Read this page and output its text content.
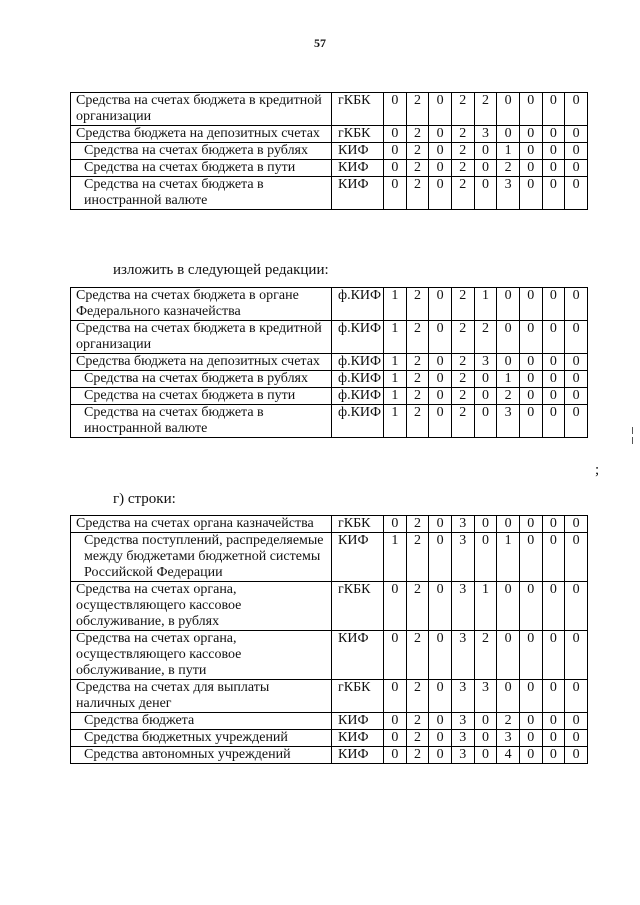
57
Средства на счетах бюджета в кредитной организации	гКБК	0	2	0	2	2	0	0	0	0
Средства бюджета на депозитных счетах	гКБК	0	2	0	2	3	0	0	0	0
Средства на счетах бюджета в рублях	КИФ	0	2	0	2	0	1	0	0	0
Средства на счетах бюджета в пути	КИФ	0	2	0	2	0	2	0	0	0
Средства на счетах бюджета в иностранной валюте	КИФ	0	2	0	2	0	3	0	0	0
изложить в следующей редакции:
Средства на счетах бюджета в органе Федерального казначейства	ф.КИФ	1	2	0	2	1	0	0	0	0
Средства на счетах бюджета в кредитной организации	ф.КИФ	1	2	0	2	2	0	0	0	0
Средства бюджета на депозитных счетах	ф.КИФ	1	2	0	2	3	0	0	0	0
Средства на счетах бюджета в рублях	ф.КИФ	1	2	0	2	0	1	0	0	0
Средства на счетах бюджета в пути	ф.КИФ	1	2	0	2	0	2	0	0	0
Средства на счетах бюджета в иностранной валюте	ф.КИФ	1	2	0	2	0	3	0	0	0
;
г) строки:
Средства на счетах органа казначейства	гКБК	0	2	0	3	0	0	0	0	0
Средства поступлений, распределяемые между бюджетами бюджетной системы Российской Федерации	КИФ	1	2	0	3	0	1	0	0	0
Средства на счетах органа, осуществляющего кассовое обслуживание, в рублях	гКБК	0	2	0	3	1	0	0	0	0
Средства на счетах органа, осуществляющего кассовое обслуживание, в пути	КИФ	0	2	0	3	2	0	0	0	0
Средства на счетах для выплаты наличных денег	гКБК	0	2	0	3	3	0	0	0	0
Средства бюджета	КИФ	0	2	0	3	0	2	0	0	0
Средства бюджетных учреждений	КИФ	0	2	0	3	0	3	0	0	0
Средства автономных учреждений	КИФ	0	2	0	3	0	4	0	0	0
